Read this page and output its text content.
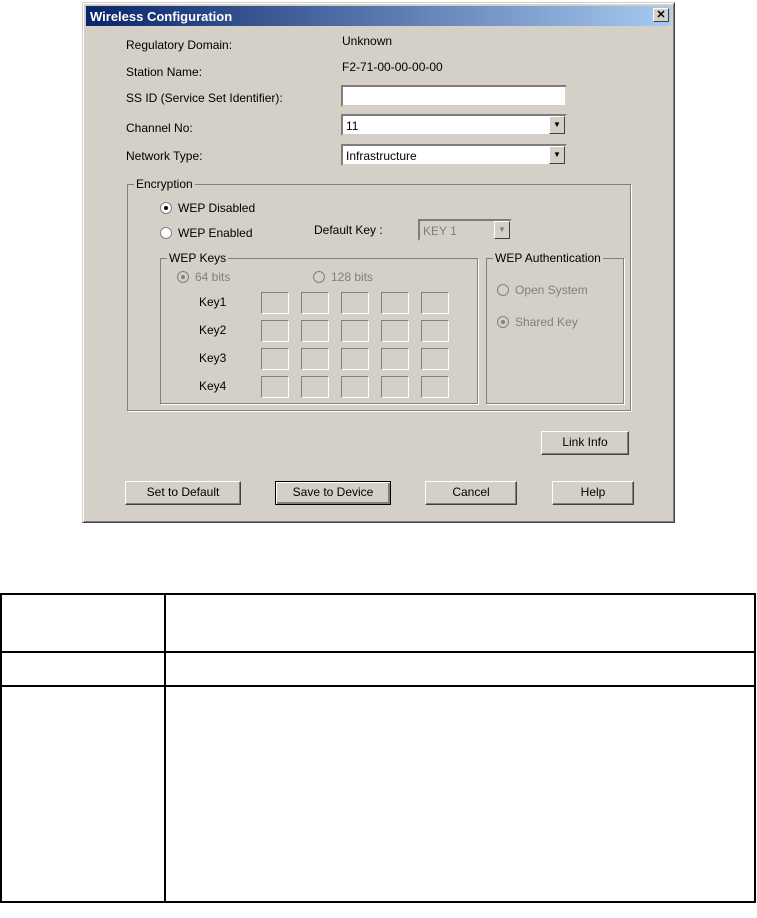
Wireless Configuration	✕
Regulatory Domain:	Unknown
Station Name:	F2-71-00-00-00-00
SS ID (Service Set Identifier):
Channel No:	11	▼
Network Type:	Infrastructure	▼
Encryption
WEP Disabled
WEP Enabled	Default Key :	KEY 1	▼
WEP Keys
64 bits	128 bits
Key1
Key2
Key3
Key4
WEP Authentication
Open System
Shared Key
Link Info
Set to Default	Save to Device	Cancel	Help
